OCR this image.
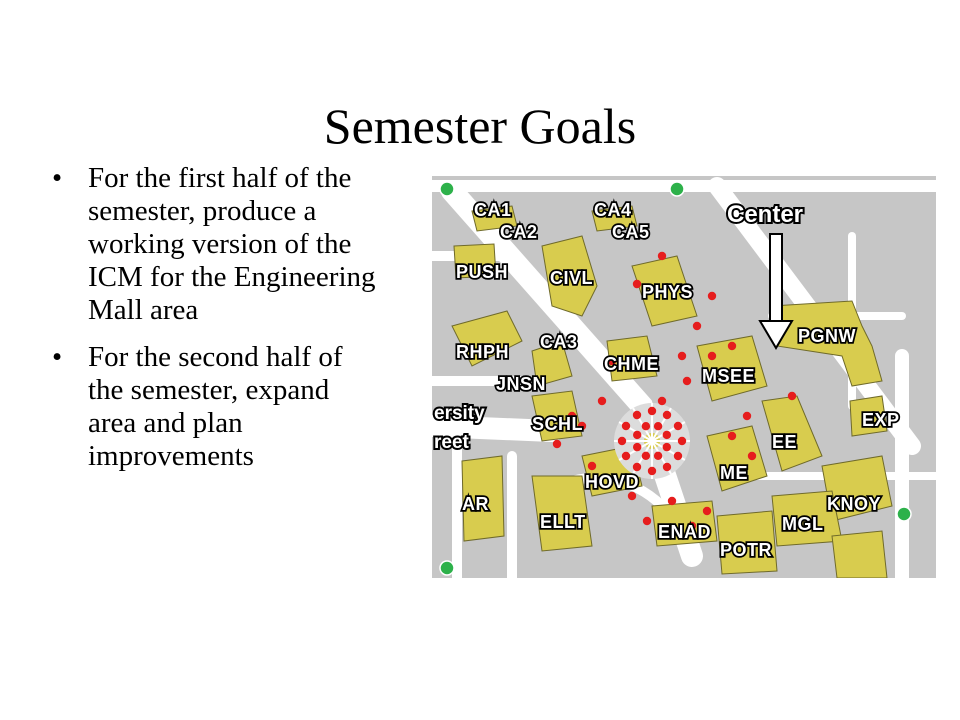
Semester Goals
• For the first half of the semester, produce a working version of the ICM for the Engineering Mall area
• For the second half of the semester, expand area and plan improvements
Center
ersity
reet
CA1	CA4
CA2	CA5
PUSH CIVL
PHYS
PGNW
RHPH CA3
JNSN
CHME
MSEE
EXP
SCHL
EE
HOVD	ME
AR	KNOY
ELLT	ENAD	MGL
POTR
